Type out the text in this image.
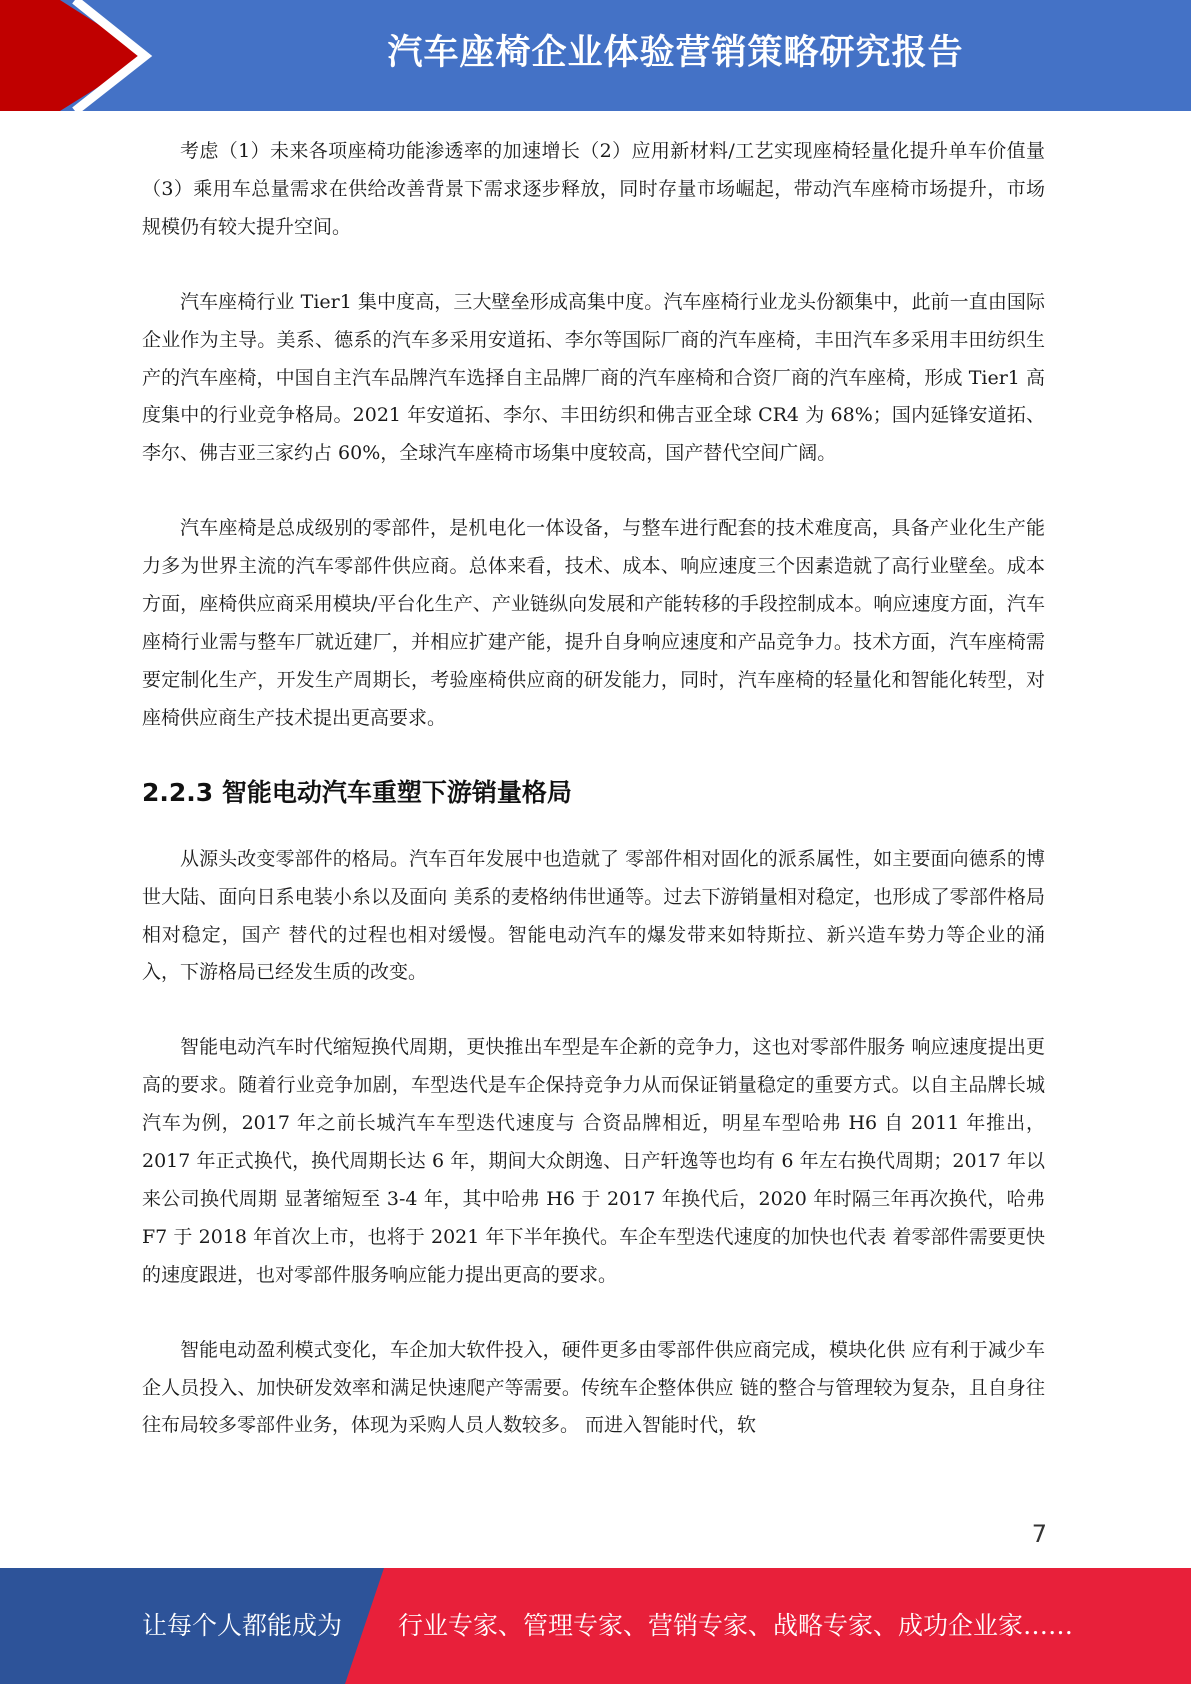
汽车座椅企业体验营销策略研究报告

考虑（1）未来各项座椅功能渗透率的加速增长（2）应用新材料/工艺实现座椅轻量化提升单车价值量（3）乘用车总量需求在供给改善背景下需求逐步释放，同时存量市场崛起，带动汽车座椅市场提升，市场规模仍有较大提升空间。

汽车座椅行业 Tier1 集中度高，三大壁垒形成高集中度。汽车座椅行业龙头份额集中，此前一直由国际企业作为主导。美系、德系的汽车多采用安道拓、李尔等国际厂商的汽车座椅，丰田汽车多采用丰田纺织生产的汽车座椅，中国自主汽车品牌汽车选择自主品牌厂商的汽车座椅和合资厂商的汽车座椅，形成 Tier1 高度集中的行业竞争格局。2021 年安道拓、李尔、丰田纺织和佛吉亚全球 CR4 为 68%；国内延锋安道拓、李尔、佛吉亚三家约占 60%，全球汽车座椅市场集中度较高，国产替代空间广阔。

汽车座椅是总成级别的零部件，是机电化一体设备，与整车进行配套的技术难度高，具备产业化生产能力多为世界主流的汽车零部件供应商。总体来看，技术、成本、响应速度三个因素造就了高行业壁垒。成本方面，座椅供应商采用模块/平台化生产、产业链纵向发展和产能转移的手段控制成本。响应速度方面，汽车座椅行业需与整车厂就近建厂，并相应扩建产能，提升自身响应速度和产品竞争力。技术方面，汽车座椅需要定制化生产，开发生产周期长，考验座椅供应商的研发能力，同时，汽车座椅的轻量化和智能化转型，对座椅供应商生产技术提出更高要求。

2.2.3 智能电动汽车重塑下游销量格局

从源头改变零部件的格局。汽车百年发展中也造就了 零部件相对固化的派系属性，如主要面向德系的博世大陆、面向日系电装小糸以及面向 美系的麦格纳伟世通等。过去下游销量相对稳定，也形成了零部件格局相对稳定，国产 替代的过程也相对缓慢。智能电动汽车的爆发带来如特斯拉、新兴造车势力等企业的涌 入，下游格局已经发生质的改变。

智能电动汽车时代缩短换代周期，更快推出车型是车企新的竞争力，这也对零部件服务 响应速度提出更高的要求。随着行业竞争加剧，车型迭代是车企保持竞争力从而保证销量稳定的重要方式。以自主品牌长城汽车为例，2017 年之前长城汽车车型迭代速度与 合资品牌相近，明星车型哈弗 H6 自 2011 年推出，2017 年正式换代，换代周期长达 6 年，期间大众朗逸、日产轩逸等也均有 6 年左右换代周期；2017 年以来公司换代周期 显著缩短至 3-4 年，其中哈弗 H6 于 2017 年换代后，2020 年时隔三年再次换代，哈弗 F7 于 2018 年首次上市，也将于 2021 年下半年换代。车企车型迭代速度的加快也代表 着零部件需要更快的速度跟进，也对零部件服务响应能力提出更高的要求。

智能电动盈利模式变化，车企加大软件投入，硬件更多由零部件供应商完成，模块化供 应有利于减少车企人员投入、加快研发效率和满足快速爬产等需要。传统车企整体供应 链的整合与管理较为复杂，且自身往往布局较多零部件业务，体现为采购人员人数较多。 而进入智能时代，软

7
让每个人都能成为 行业专家、管理专家、营销专家、战略专家、成功企业家……
